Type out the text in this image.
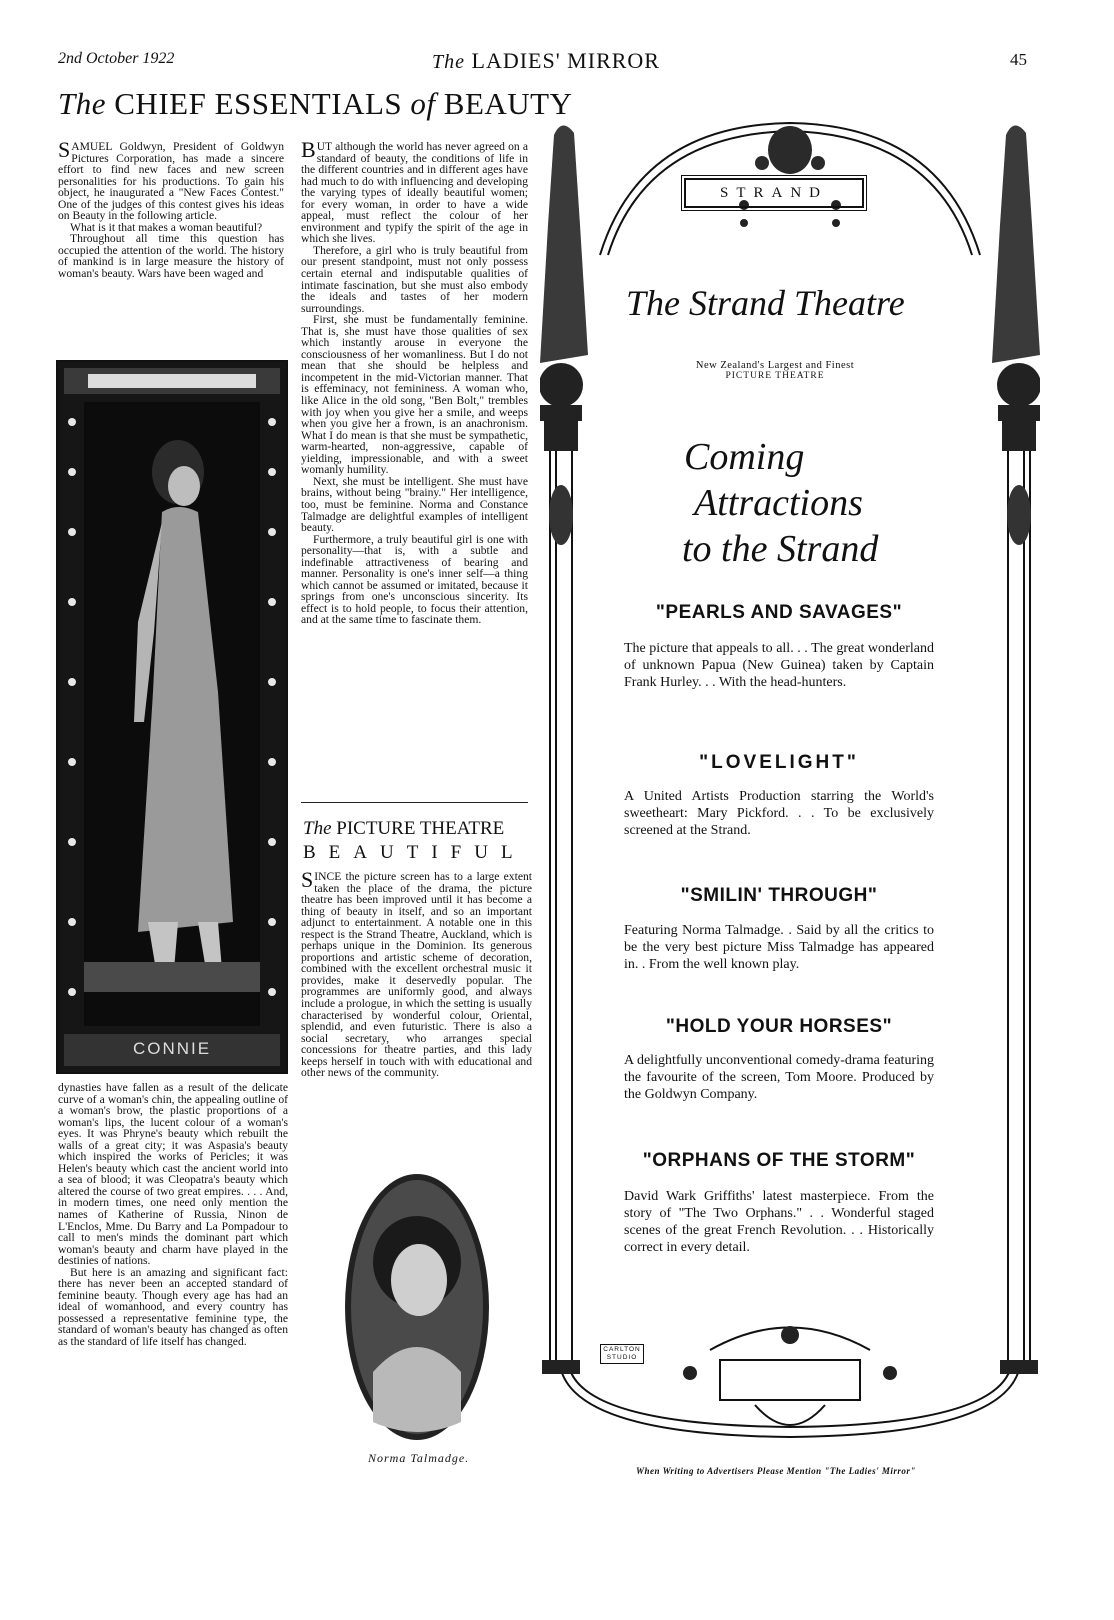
2nd October 1922	The LADIES' MIRROR	45
The CHIEF ESSENTIALS of BEAUTY

SAMUEL Goldwyn, President of Goldwyn Pictures Corporation, has made a sincere effort to find new faces and new screen personalities for his productions. To gain his object, he inaugurated a "New Faces Contest." One of the judges of this contest gives his ideas on Beauty in the following article.

What is it that makes a woman beautiful?

Throughout all time this question has occupied the attention of the world. The history of mankind is in large measure the history of woman's beauty. Wars have been waged and

CONNIE

dynasties have fallen as a result of the delicate curve of a woman's chin, the appealing outline of a woman's brow, the plastic proportions of a woman's lips, the lucent colour of a woman's eyes. It was Phryne's beauty which rebuilt the walls of a great city; it was Aspasia's beauty which inspired the works of Pericles; it was Helen's beauty which cast the ancient world into a sea of blood; it was Cleopatra's beauty which altered the course of two great empires. . . . And, in modern times, one need only mention the names of Katherine of Russia, Ninon de L'Enclos, Mme. Du Barry and La Pompadour to call to men's minds the dominant part which woman's beauty and charm have played in the destinies of nations.

But here is an amazing and significant fact: there has never been an accepted standard of feminine beauty. Though every age has had an ideal of womanhood, and every country has possessed a representative feminine type, the standard of woman's beauty has changed as often as the standard of life itself has changed.

BUT although the world has never agreed on a standard of beauty, the conditions of life in the different countries and in different ages have had much to do with influencing and developing the varying types of ideally beautiful women; for every woman, in order to have a wide appeal, must reflect the colour of her environment and typify the spirit of the age in which she lives.

Therefore, a girl who is truly beautiful from our present standpoint, must not only possess certain eternal and indisputable qualities of intimate fascination, but she must also embody the ideals and tastes of her modern surroundings.

First, she must be fundamentally feminine. That is, she must have those qualities of sex which instantly arouse in everyone the consciousness of her womanliness. But I do not mean that she should be helpless and incompetent in the mid-Victorian manner. That is effeminacy, not femininess. A woman who, like Alice in the old song, "Ben Bolt," trembles with joy when you give her a smile, and weeps when you give her a frown, is an anachronism. What I do mean is that she must be sympathetic, warm-hearted, non-aggressive, capable of yielding, impressionable, and with a sweet womanly humility.

Next, she must be intelligent. She must have brains, without being "brainy." Her intelligence, too, must be feminine. Norma and Constance Talmadge are delightful examples of intelligent beauty.

Furthermore, a truly beautiful girl is one with personality—that is, with a subtle and indefinable attractiveness of bearing and manner. Personality is one's inner self—a thing which cannot be assumed or imitated, because it springs from one's unconscious sincerity. Its effect is to hold people, to focus their attention, and at the same time to fascinate them.

The PICTURE THEATRE
BEAUTIFUL

SINCE the picture screen has to a large extent taken the place of the drama, the picture theatre has been improved until it has become a thing of beauty in itself, and so an important adjunct to entertainment. A notable one in this respect is the Strand Theatre, Auckland, which is perhaps unique in the Dominion. Its generous proportions and artistic scheme of decoration, combined with the excellent orchestral music it provides, make it deservedly popular. The programmes are uniformly good, and always include a prologue, in which the setting is usually characterised by wonderful colour, Oriental, splendid, and even futuristic. There is also a social secretary, who arranges special concessions for theatre parties, and this lady keeps herself in touch with with educational and other news of the community.

Norma Talmadge.
STRAND
The Strand Theatre
New Zealand's Largest and Finest
PICTURE THEATRE
Coming
Attractions
to the Strand
"PEARLS AND SAVAGES"
The picture that appeals to all. . . The great wonderland of unknown Papua (New Guinea) taken by Captain Frank Hurley. . . With the head-hunters.
"LOVELIGHT"
A United Artists Production starring the World's sweetheart: Mary Pickford. . . To be exclusively screened at the Strand.
"SMILIN' THROUGH"
Featuring Norma Talmadge. . Said by all the critics to be the very best picture Miss Talmadge has appeared in. . From the well known play.
"HOLD YOUR HORSES"
A delightfully unconventional comedy-drama featuring the favourite of the screen, Tom Moore. Produced by the Goldwyn Company.
"ORPHANS OF THE STORM"
David Wark Griffiths' latest masterpiece. From the story of "The Two Orphans." . . Wonderful staged scenes of the great French Revolution. . . Historically correct in every detail.
CARLTON
STUDIO
When Writing to Advertisers Please Mention "The Ladies' Mirror"
